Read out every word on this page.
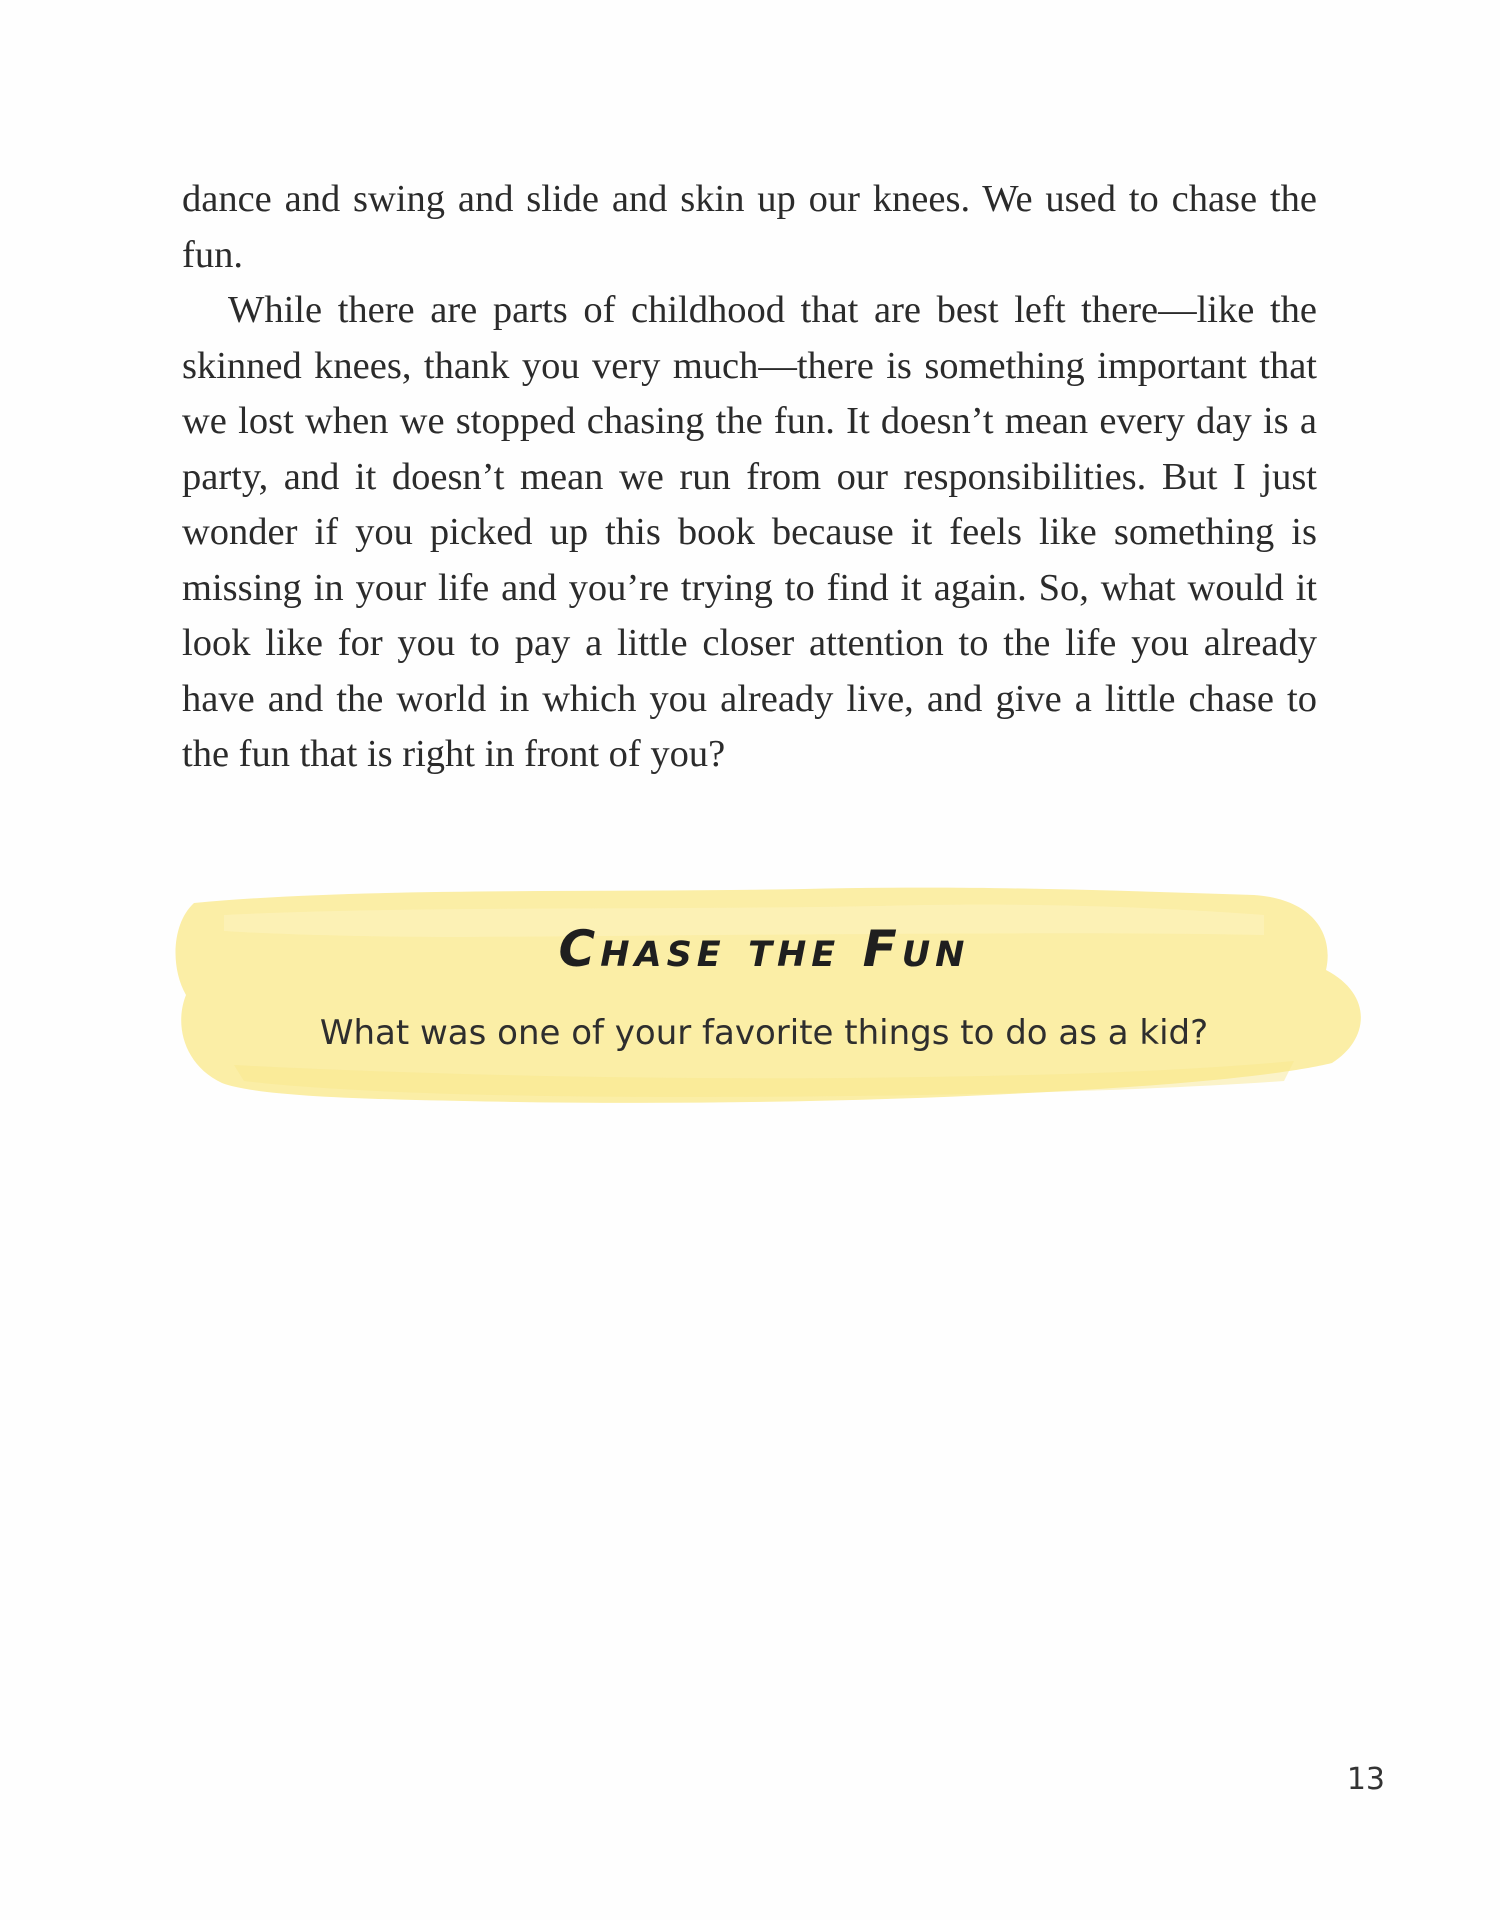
dance and swing and slide and skin up our knees. We used to chase the fun.

While there are parts of childhood that are best left there—like the skinned knees, thank you very much—there is something important that we lost when we stopped chasing the fun. It doesn’t mean every day is a party, and it doesn’t mean we run from our responsibilities. But I just wonder if you picked up this book because it feels like something is missing in your life and you’re trying to find it again. So, what would it look like for you to pay a little closer attention to the life you already have and the world in which you already live, and give a little chase to the fun that is right in front of you?

Chase the Fun
What was one of your favorite things to do as a kid?
13
